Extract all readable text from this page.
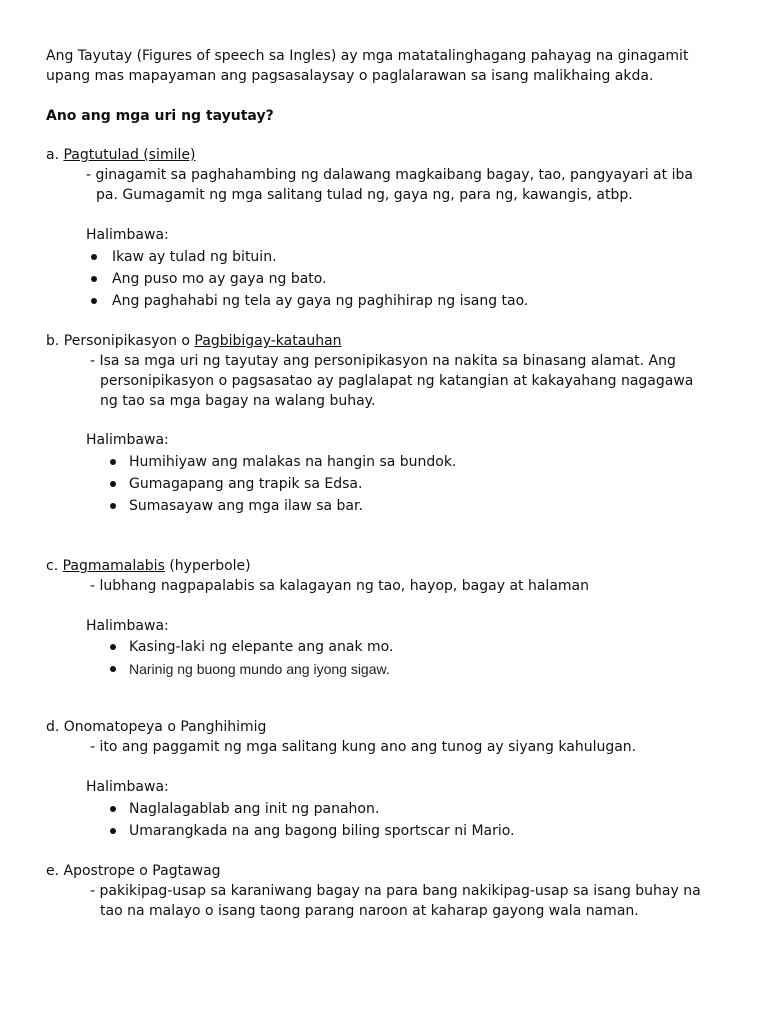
Ang Tayutay (Figures of speech sa Ingles) ay mga matatalinghagang pahayag na ginagamit
upang mas mapayaman ang pagsasalaysay o paglalarawan sa isang malikhaing akda.
Ano ang mga uri ng tayutay?
a. Pagtutulad (simile)
- ginagamit sa paghahambing ng dalawang magkaibang bagay, tao, pangyayari at iba
pa. Gumagamit ng mga salitang tulad ng, gaya ng, para ng, kawangis, atbp.
Halimbawa:
Ikaw ay tulad ng bituin.
Ang puso mo ay gaya ng bato.
Ang paghahabi ng tela ay gaya ng paghihirap ng isang tao.
b. Personipikasyon o Pagbibigay-katauhan
- Isa sa mga uri ng tayutay ang personipikasyon na nakita sa binasang alamat. Ang
personipikasyon o pagsasatao ay paglalapat ng katangian at kakayahang nagagawa
ng tao sa mga bagay na walang buhay.
Halimbawa:
Humihiyaw ang malakas na hangin sa bundok.
Gumagapang ang trapik sa Edsa.
Sumasayaw ang mga ilaw sa bar.
c. Pagmamalabis (hyperbole)
- lubhang nagpapalabis sa kalagayan ng tao, hayop, bagay at halaman
Halimbawa:
Kasing-laki ng elepante ang anak mo.
Narinig ng buong mundo ang iyong sigaw.
d. Onomatopeya o Panghihimig
- ito ang paggamit ng mga salitang kung ano ang tunog ay siyang kahulugan.
Halimbawa:
Naglalagablab ang init ng panahon.
Umarangkada na ang bagong biling sportscar ni Mario.
e. Apostrope o Pagtawag
- pakikipag-usap sa karaniwang bagay na para bang nakikipag-usap sa isang buhay na
tao na malayo o isang taong parang naroon at kaharap gayong wala naman.
